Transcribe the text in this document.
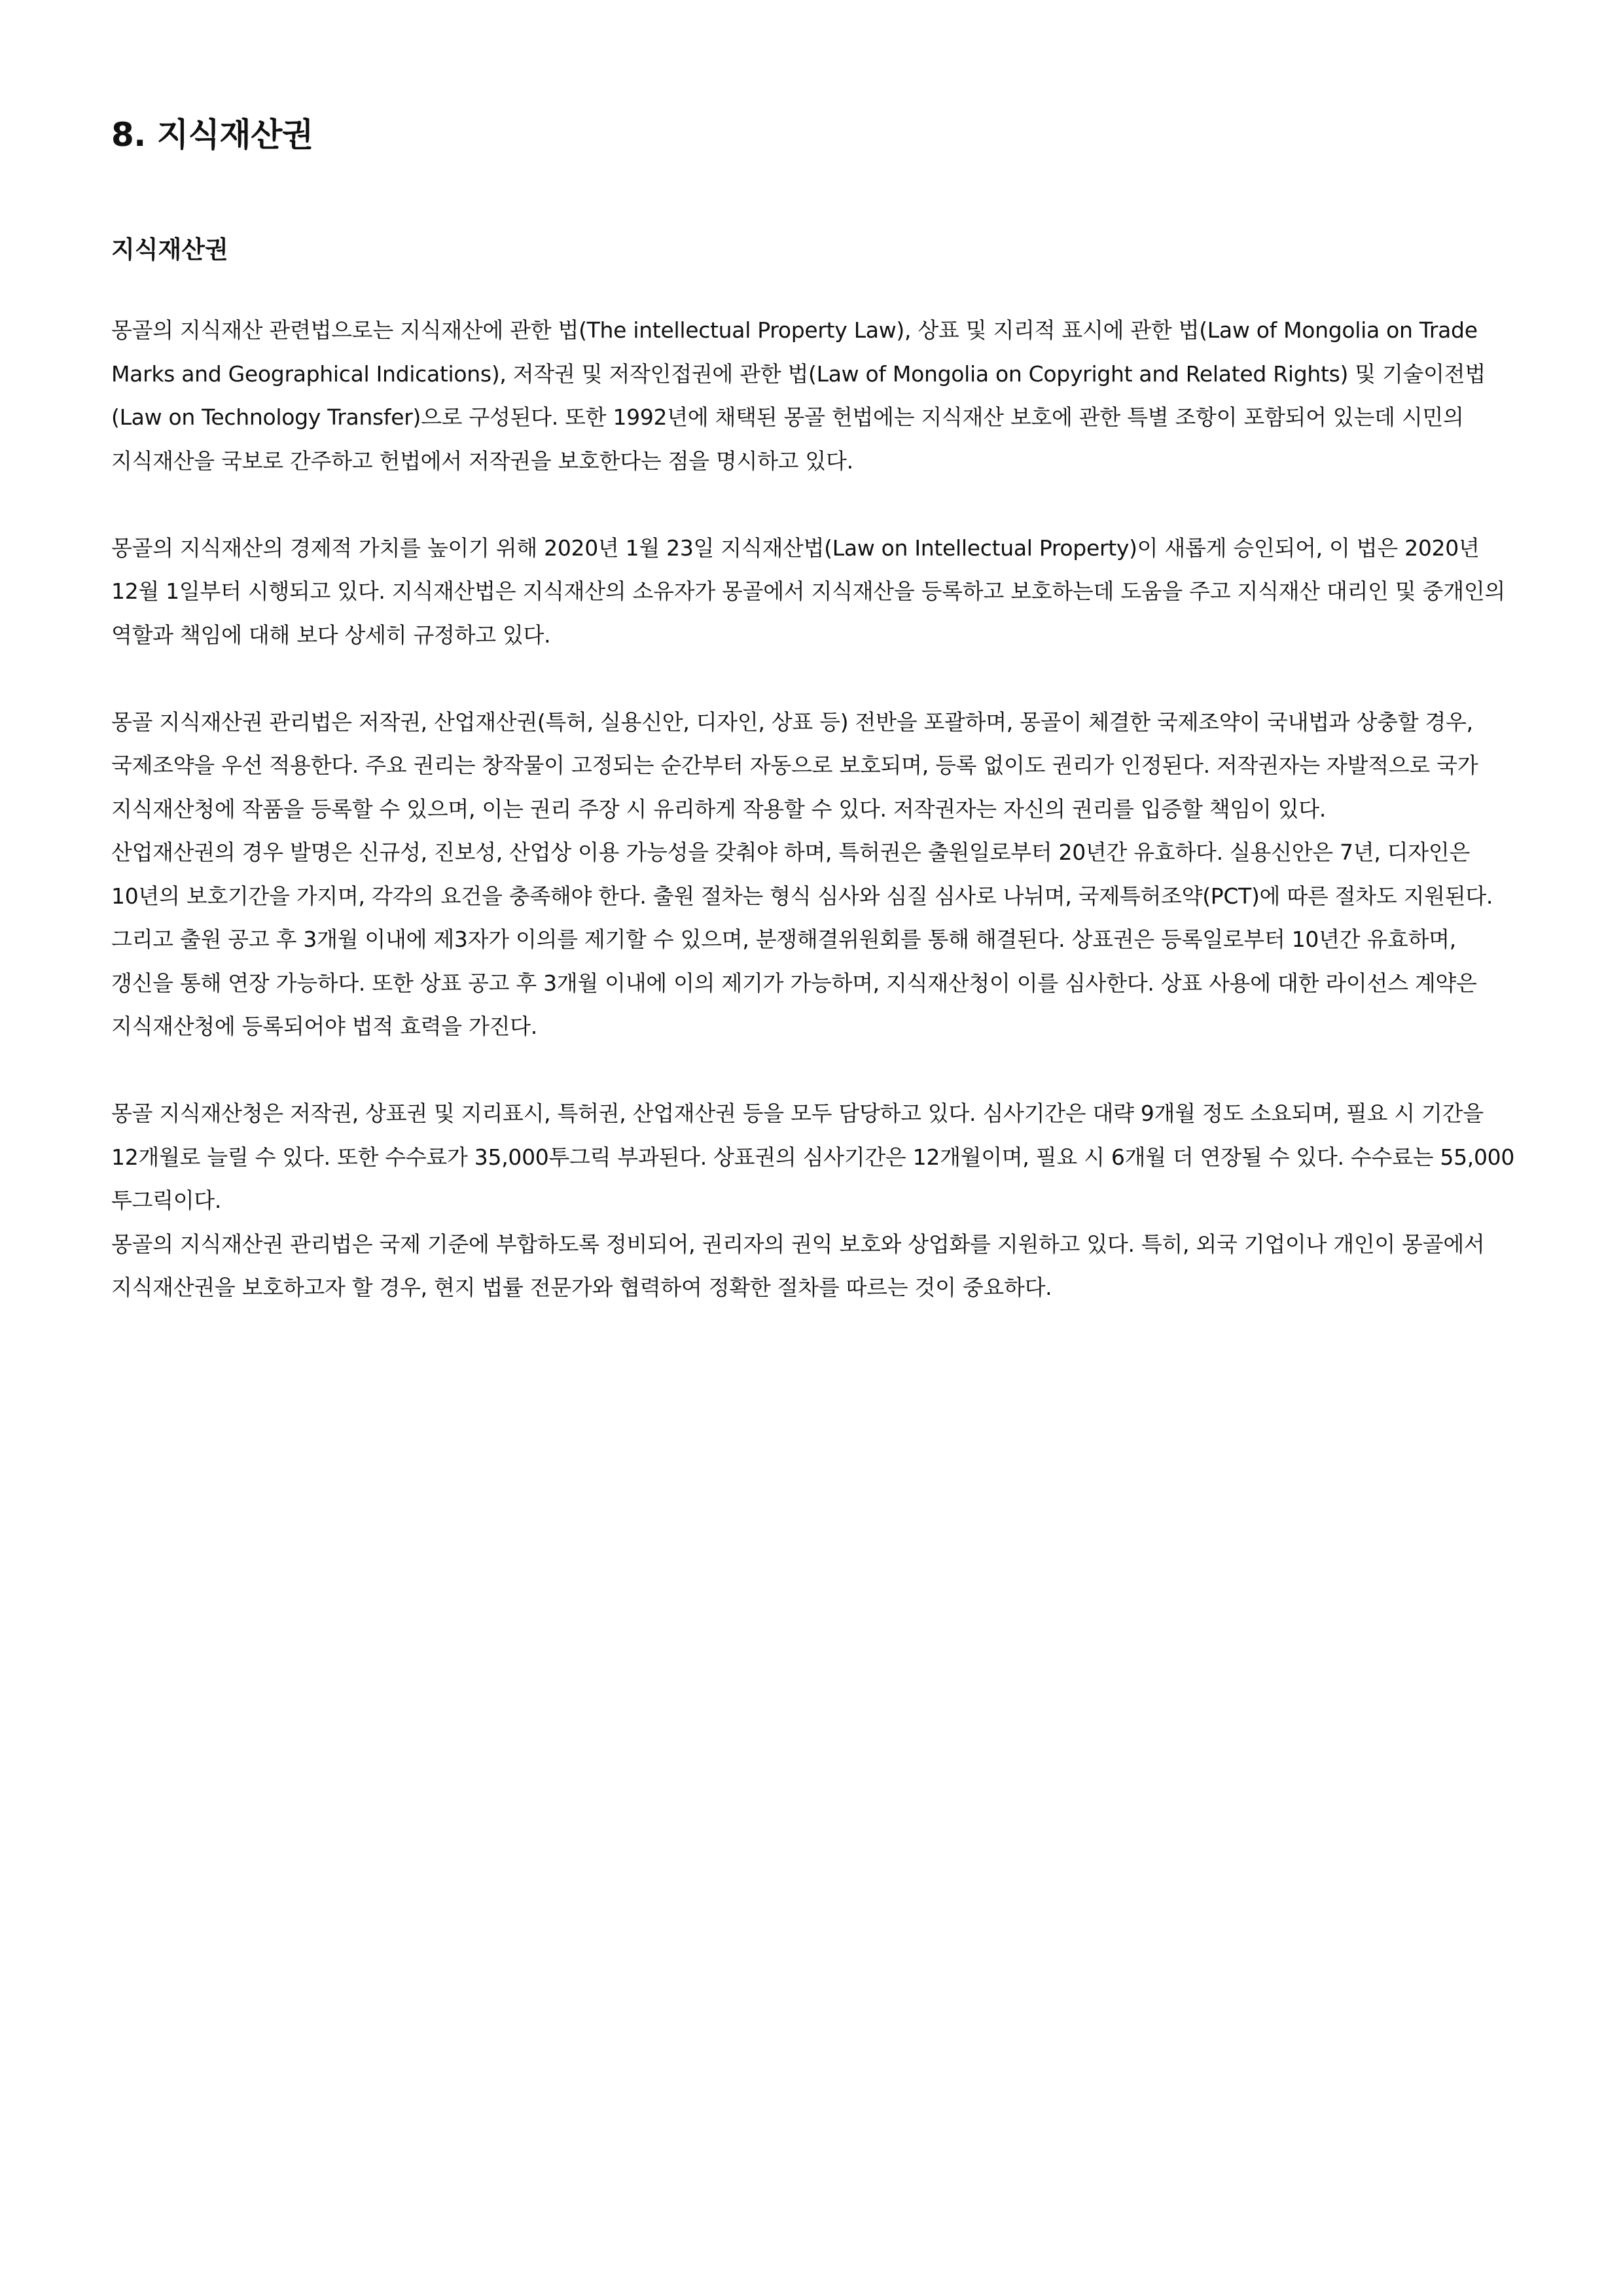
8. 지식재산권
지식재산권

몽골의 지식재산 관련법으로는 지식재산에 관한 법(The intellectual Property Law), 상표 및 지리적 표시에 관한 법(Law of Mongolia on Trade Marks and Geographical Indications), 저작권 및 저작인접권에 관한 법(Law of Mongolia on Copyright and Related Rights) 및 기술이전법(Law on Technology Transfer)으로 구성된다. 또한 1992년에 채택된 몽골 헌법에는 지식재산 보호에 관한 특별 조항이 포함되어 있는데 시민의 지식재산을 국보로 간주하고 헌법에서 저작권을 보호한다는 점을 명시하고 있다.

몽골의 지식재산의 경제적 가치를 높이기 위해 2020년 1월 23일 지식재산법(Law on Intellectual Property)이 새롭게 승인되어, 이 법은 2020년 12월 1일부터 시행되고 있다. 지식재산법은 지식재산의 소유자가 몽골에서 지식재산을 등록하고 보호하는데 도움을 주고 지식재산 대리인 및 중개인의 역할과 책임에 대해 보다 상세히 규정하고 있다.

몽골 지식재산권 관리법은 저작권, 산업재산권(특허, 실용신안, 디자인, 상표 등) 전반을 포괄하며, 몽골이 체결한 국제조약이 국내법과 상충할 경우, 국제조약을 우선 적용한다. 주요 권리는 창작물이 고정되는 순간부터 자동으로 보호되며, 등록 없이도 권리가 인정된다. 저작권자는 자발적으로 국가 지식재산청에 작품을 등록할 수 있으며, 이는 권리 주장 시 유리하게 작용할 수 있다. 저작권자는 자신의 권리를 입증할 책임이 있다.

산업재산권의 경우 발명은 신규성, 진보성, 산업상 이용 가능성을 갖춰야 하며, 특허권은 출원일로부터 20년간 유효하다. 실용신안은 7년, 디자인은 10년의 보호기간을 가지며, 각각의 요건을 충족해야 한다. 출원 절차는 형식 심사와 심질 심사로 나뉘며, 국제특허조약(PCT)에 따른 절차도 지원된다. 그리고 출원 공고 후 3개월 이내에 제3자가 이의를 제기할 수 있으며, 분쟁해결위원회를 통해 해결된다. 상표권은 등록일로부터 10년간 유효하며, 갱신을 통해 연장 가능하다. 또한 상표 공고 후 3개월 이내에 이의 제기가 가능하며, 지식재산청이 이를 심사한다. 상표 사용에 대한 라이선스 계약은 지식재산청에 등록되어야 법적 효력을 가진다.

몽골 지식재산청은 저작권, 상표권 및 지리표시, 특허권, 산업재산권 등을 모두 담당하고 있다. 심사기간은 대략 9개월 정도 소요되며, 필요 시 기간을 12개월로 늘릴 수 있다. 또한 수수료가 35,000투그릭 부과된다. 상표권의 심사기간은 12개월이며, 필요 시 6개월 더 연장될 수 있다. 수수료는 55,000 투그릭이다.

몽골의 지식재산권 관리법은 국제 기준에 부합하도록 정비되어, 권리자의 권익 보호와 상업화를 지원하고 있다. 특히, 외국 기업이나 개인이 몽골에서 지식재산권을 보호하고자 할 경우, 현지 법률 전문가와 협력하여 정확한 절차를 따르는 것이 중요하다.
